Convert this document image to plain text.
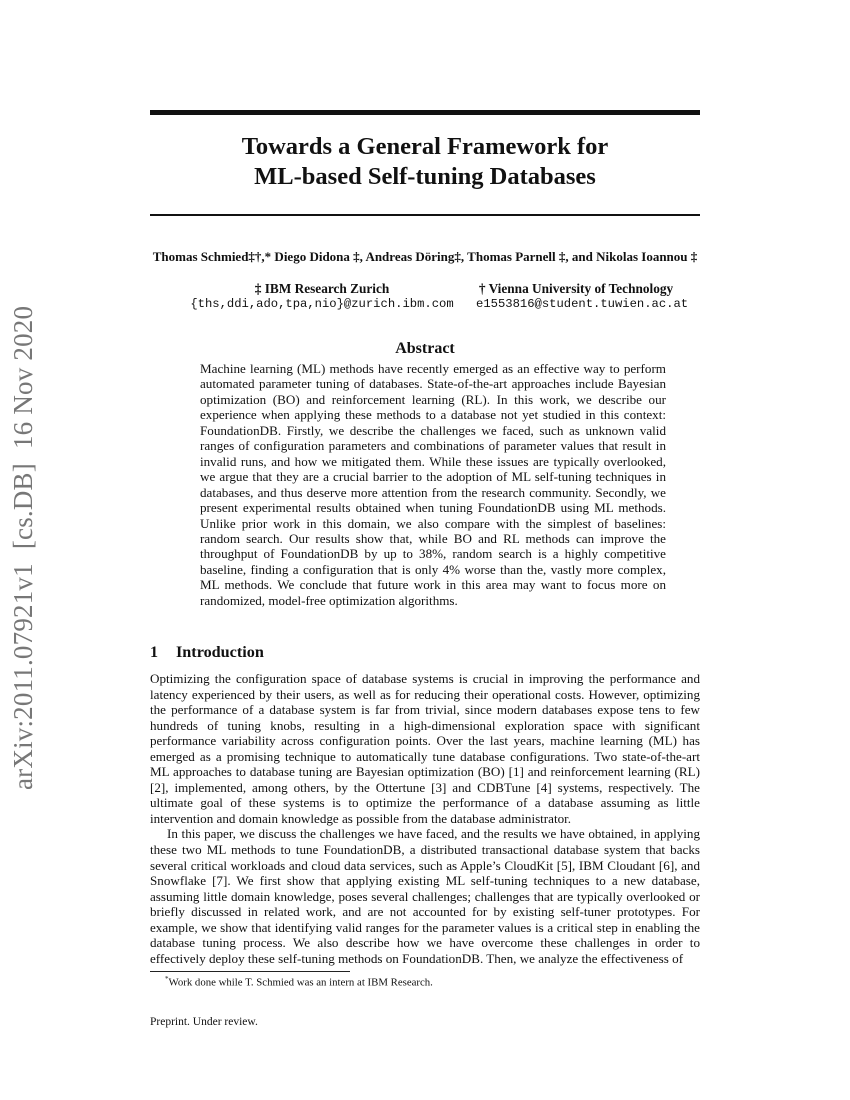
arXiv:2011.07921v1[cs.DB]16 Nov 2020
Towards a General Framework for
ML-based Self-tuning Databases
Thomas Schmied‡†,* Diego Didona ‡, Andreas Döring‡, Thomas Parnell ‡, and Nikolas Ioannou ‡
‡ IBM Research Zurich
{ths,ddi,ado,tpa,nio}@zurich.ibm.com
† Vienna University of Technology
e1553816@student.tuwien.ac.at
Abstract
Machine learning (ML) methods have recently emerged as an effective way to perform automated parameter tuning of databases. State-of-the-art approaches include Bayesian optimization (BO) and reinforcement learning (RL). In this work, we describe our experience when applying these methods to a database not yet studied in this context: FoundationDB. Firstly, we describe the challenges we faced, such as unknown valid ranges of configuration parameters and combinations of parameter values that result in invalid runs, and how we mitigated them. While these issues are typically overlooked, we argue that they are a crucial barrier to the adoption of ML self-tuning techniques in databases, and thus deserve more attention from the research community. Secondly, we present experimental results obtained when tuning FoundationDB using ML methods. Unlike prior work in this domain, we also compare with the simplest of baselines: random search. Our results show that, while BO and RL methods can improve the throughput of FoundationDB by up to 38%, random search is a highly competitive baseline, finding a configuration that is only 4% worse than the, vastly more complex, ML methods. We conclude that future work in this area may want to focus more on randomized, model-free optimization algorithms.
1 Introduction

Optimizing the configuration space of database systems is crucial in improving the performance and latency experienced by their users, as well as for reducing their operational costs. However, optimizing the performance of a database system is far from trivial, since modern databases expose tens to few hundreds of tuning knobs, resulting in a high-dimensional exploration space with significant performance variability across configuration points. Over the last years, machine learning (ML) has emerged as a promising technique to automatically tune database configurations. Two state-of-the-art ML approaches to database tuning are Bayesian optimization (BO) [1] and reinforcement learning (RL) [2], implemented, among others, by the Ottertune [3] and CDBTune [4] systems, respectively. The ultimate goal of these systems is to optimize the performance of a database assuming as little intervention and domain knowledge as possible from the database administrator.

In this paper, we discuss the challenges we have faced, and the results we have obtained, in applying these two ML methods to tune FoundationDB, a distributed transactional database system that backs several critical workloads and cloud data services, such as Apple’s CloudKit [5], IBM Cloudant [6], and Snowflake [7]. We first show that applying existing ML self-tuning techniques to a new database, assuming little domain knowledge, poses several challenges; challenges that are typically overlooked or briefly discussed in related work, and are not accounted for by existing self-tuner prototypes. For example, we show that identifying valid ranges for the parameter values is a critical step in enabling the database tuning process. We also describe how we have overcome these challenges in order to effectively deploy these self-tuning methods on FoundationDB. Then, we analyze the effectiveness of

*Work done while T. Schmied was an intern at IBM Research.
Preprint. Under review.
